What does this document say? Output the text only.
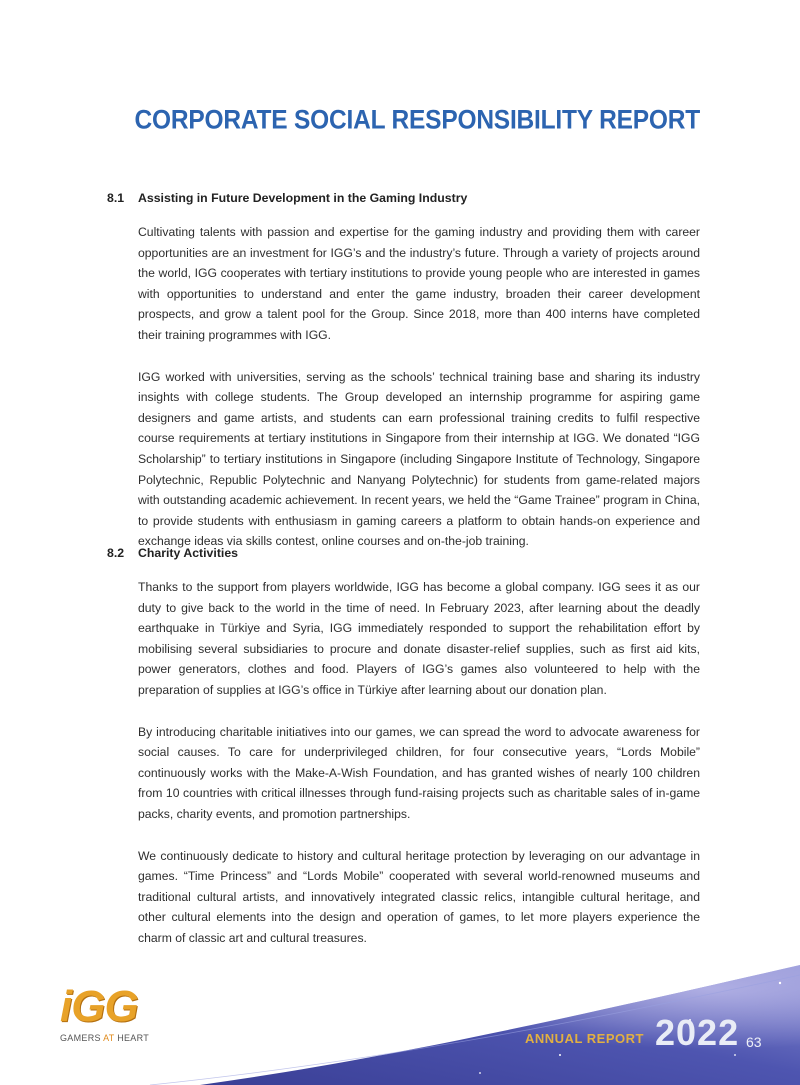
CORPORATE SOCIAL RESPONSIBILITY REPORT
8.1	Assisting in Future Development in the Gaming Industry

Cultivating talents with passion and expertise for the gaming industry and providing them with career opportunities are an investment for IGG’s and the industry’s future. Through a variety of projects around the world, IGG cooperates with tertiary institutions to provide young people who are interested in games with opportunities to understand and enter the game industry, broaden their career development prospects, and grow a talent pool for the Group. Since 2018, more than 400 interns have completed their training programmes with IGG.

IGG worked with universities, serving as the schools’ technical training base and sharing its industry insights with college students. The Group developed an internship programme for aspiring game designers and game artists, and students can earn professional training credits to fulfil respective course requirements at tertiary institutions in Singapore from their internship at IGG. We donated “IGG Scholarship” to tertiary institutions in Singapore (including Singapore Institute of Technology, Singapore Polytechnic, Republic Polytechnic and Nanyang Polytechnic) for students from game-related majors with outstanding academic achievement. In recent years, we held the “Game Trainee” program in China, to provide students with enthusiasm in gaming careers a platform to obtain hands-on experience and exchange ideas via skills contest, online courses and on-the-job training.

8.2	Charity Activities

Thanks to the support from players worldwide, IGG has become a global company. IGG sees it as our duty to give back to the world in the time of need. In February 2023, after learning about the deadly earthquake in Türkiye and Syria, IGG immediately responded to support the rehabilitation effort by mobilising several subsidiaries to procure and donate disaster-relief supplies, such as first aid kits, power generators, clothes and food. Players of IGG’s games also volunteered to help with the preparation of supplies at IGG’s office in Türkiye after learning about our donation plan.

By introducing charitable initiatives into our games, we can spread the word to advocate awareness for social causes. To care for underprivileged children, for four consecutive years, “Lords Mobile” continuously works with the Make-A-Wish Foundation, and has granted wishes of nearly 100 children from 10 countries with critical illnesses through fund-raising projects such as charitable sales of in-game packs, charity events, and promotion partnerships.

We continuously dedicate to history and cultural heritage protection by leveraging on our advantage in games. “Time Princess” and “Lords Mobile” cooperated with several world-renowned museums and traditional cultural artists, and innovatively integrated classic relics, intangible cultural heritage, and other cultural elements into the design and operation of games, to let more players experience the charm of classic art and cultural treasures.

iGG
GAMERS AT HEART	ANNUAL REPORT 2022 63
